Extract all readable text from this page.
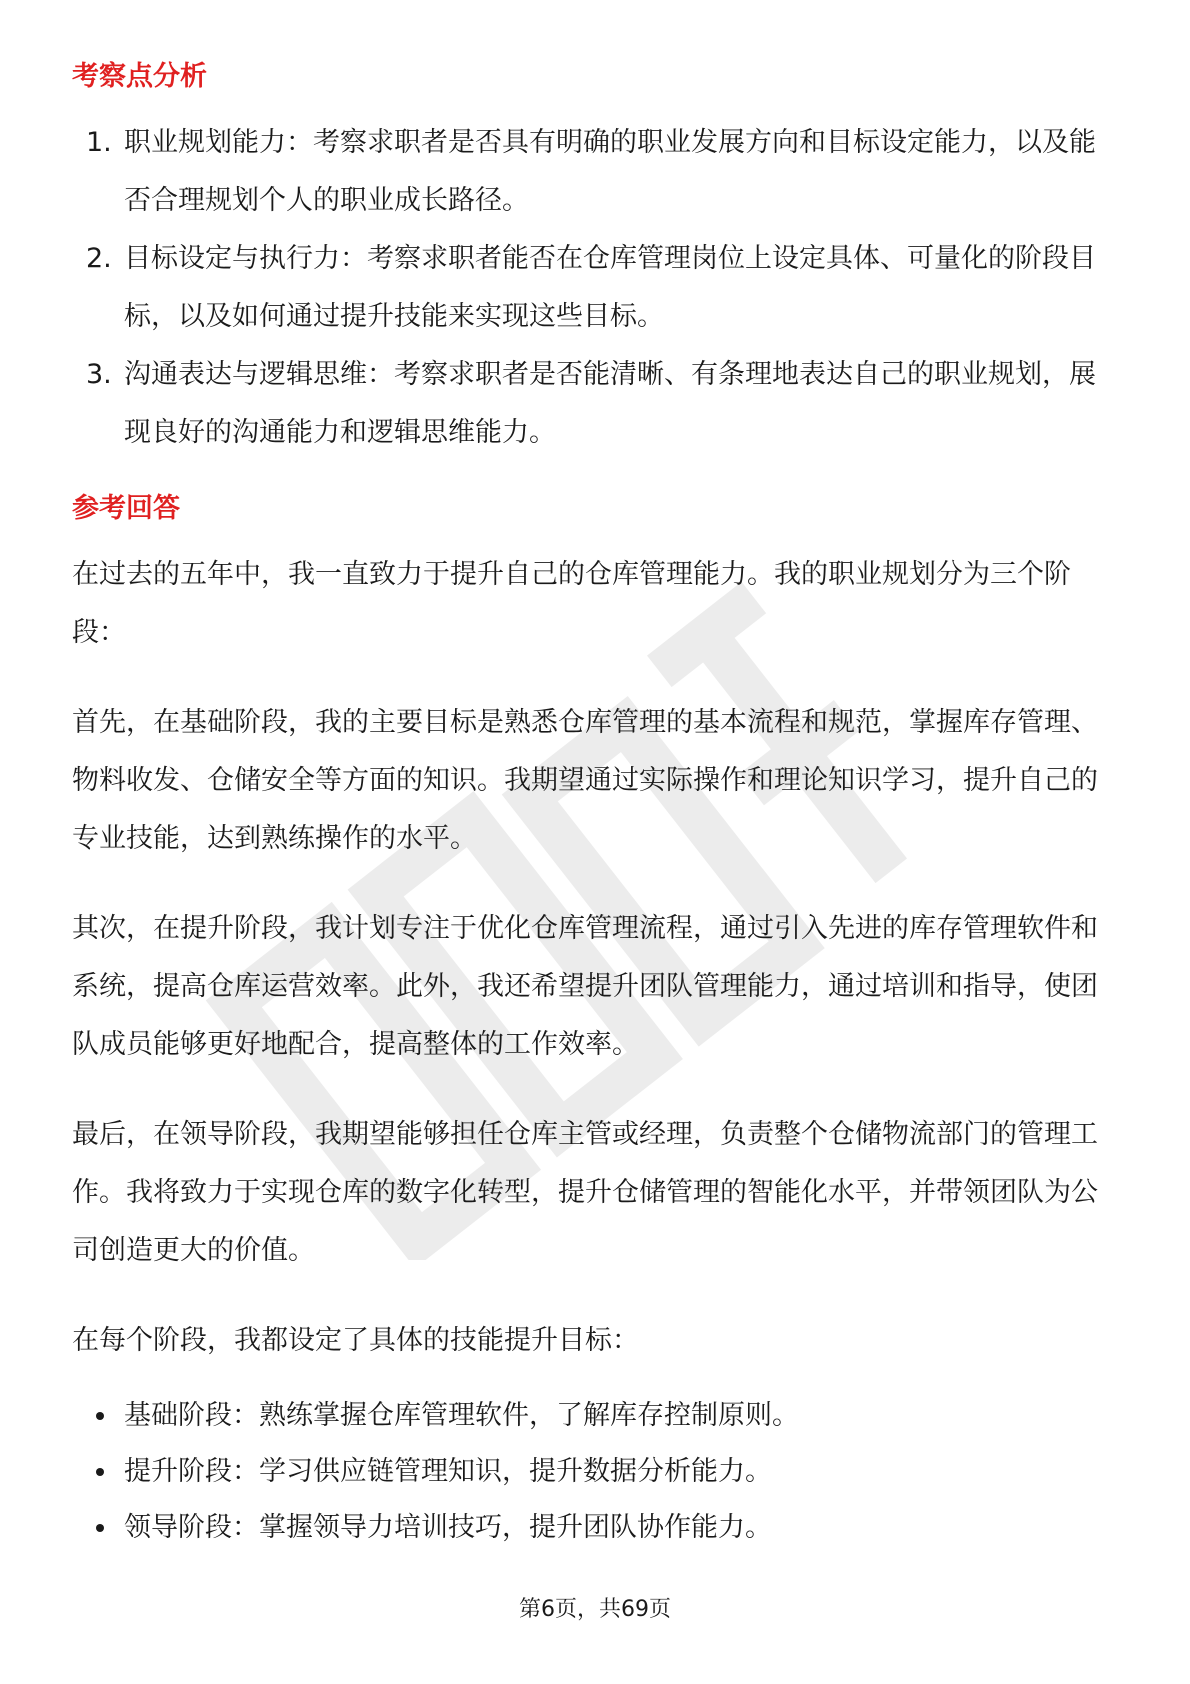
考察点分析
1. 职业规划能力：考察求职者是否具有明确的职业发展方向和目标设定能力，以及能否合理规划个人的职业成长路径。
2. 目标设定与执行力：考察求职者能否在仓库管理岗位上设定具体、可量化的阶段目标，以及如何通过提升技能来实现这些目标。
3. 沟通表达与逻辑思维：考察求职者是否能清晰、有条理地表达自己的职业规划，展现良好的沟通能力和逻辑思维能力。
参考回答

在过去的五年中，我一直致力于提升自己的仓库管理能力。我的职业规划分为三个阶段：

首先，在基础阶段，我的主要目标是熟悉仓库管理的基本流程和规范，掌握库存管理、物料收发、仓储安全等方面的知识。我期望通过实际操作和理论知识学习，提升自己的专业技能，达到熟练操作的水平。

其次，在提升阶段，我计划专注于优化仓库管理流程，通过引入先进的库存管理软件和系统，提高仓库运营效率。此外，我还希望提升团队管理能力，通过培训和指导，使团队成员能够更好地配合，提高整体的工作效率。

最后，在领导阶段，我期望能够担任仓库主管或经理，负责整个仓储物流部门的管理工作。我将致力于实现仓库的数字化转型，提升仓储管理的智能化水平，并带领团队为公司创造更大的价值。

在每个阶段，我都设定了具体的技能提升目标：

基础阶段：熟练掌握仓库管理软件，了解库存控制原则。
提升阶段：学习供应链管理知识，提升数据分析能力。
领导阶段：掌握领导力培训技巧，提升团队协作能力。
第6页，共69页
